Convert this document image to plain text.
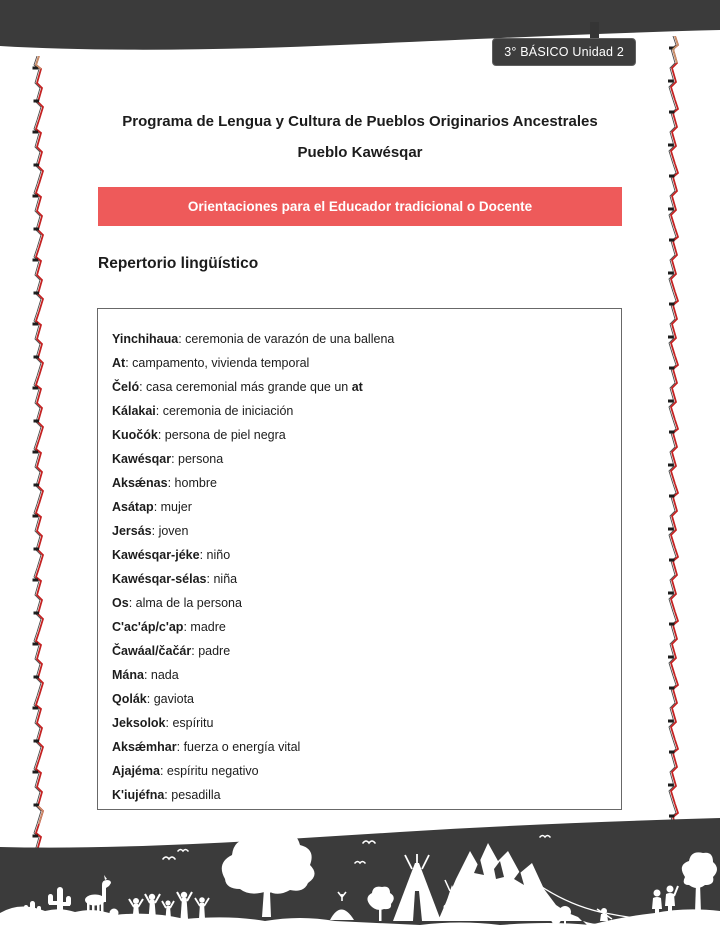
3° BÁSICO Unidad 2
Programa de Lengua y Cultura de Pueblos Originarios Ancestrales
Pueblo Kawésqar
Orientaciones para el Educador tradicional o Docente
Repertorio lingüístico
Yinchihaua: ceremonia de varazón de una ballena
At: campamento, vivienda temporal
Čeló: casa ceremonial más grande que un at
Kálakai: ceremonia de iniciación
Kuočók: persona de piel negra
Kawésqar: persona
Aksǽnas: hombre
Asátap: mujer
Jersás: joven
Kawésqar-jéke: niño
Kawésqar-sélas: niña
Os: alma de la persona
C'ac'áp/c'ap: madre
Čawáal/čačár: padre
Mána: nada
Qolák: gaviota
Jeksolok: espíritu
Aksǽmhar: fuerza o energía vital
Ajajéma: espíritu negativo
K'iujéfna: pesadilla
